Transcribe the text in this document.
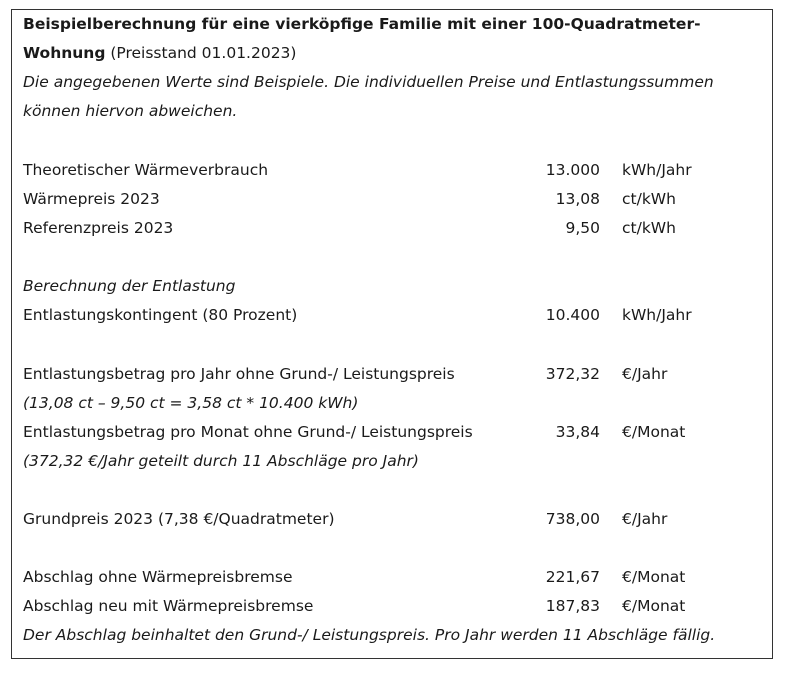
Beispielberechnung für eine vierköpfige Familie mit einer 100-Quadratmeter-
Wohnung (Preisstand 01.01.2023)
Die angegebenen Werte sind Beispiele. Die individuellen Preise und Entlastungssummen
können hiervon abweichen.
Theoretischer Wärmeverbrauch	13.000 kWh/Jahr
Wärmepreis 2023	13,08 ct/kWh
Referenzpreis 2023	9,50 ct/kWh
Berechnung der Entlastung
Entlastungskontingent (80 Prozent)	10.400 kWh/Jahr
Entlastungsbetrag pro Jahr ohne Grund-/ Leistungspreis	372,32 €/Jahr
(13,08 ct – 9,50 ct = 3,58 ct * 10.400 kWh)
Entlastungsbetrag pro Monat ohne Grund-/ Leistungspreis	33,84 €/Monat
(372,32 €/Jahr geteilt durch 11 Abschläge pro Jahr)
Grundpreis 2023 (7,38 €/Quadratmeter)	738,00 €/Jahr
Abschlag ohne Wärmepreisbremse	221,67 €/Monat
Abschlag neu mit Wärmepreisbremse	187,83 €/Monat
Der Abschlag beinhaltet den Grund-/ Leistungspreis. Pro Jahr werden 11 Abschläge fällig.
